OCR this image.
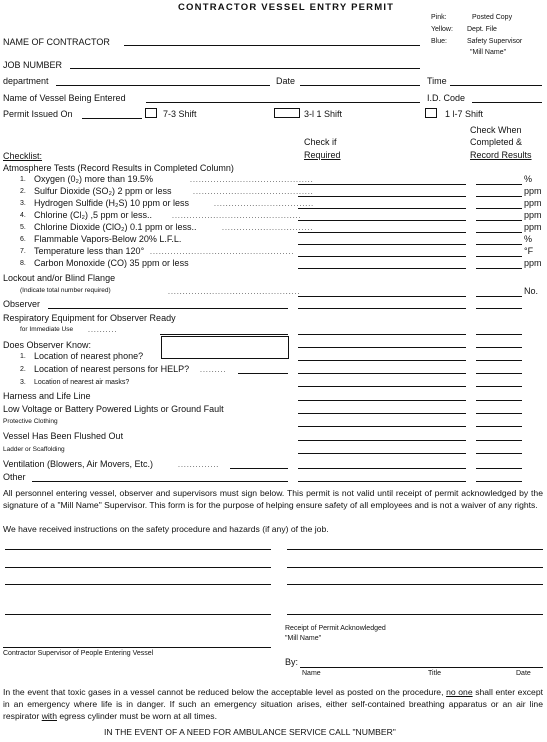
CONTRACTOR VESSEL ENTRY PERMIT
Pink:	Posted Copy
Yellow: Dept. File
Blue:	Safety Supervisor
"Mill Name"
NAME OF CONTRACTOR
JOB NUMBER
department	Date	Time
Name of Vessel Being Entered	I.D. Code
Permit Issued On	7-3 Shift	3-l 1 Shift	1 l-7 Shift
Check if
Required
Check When
Completed &
Record Results
Checklist:
Atmosphere Tests (Record Results in Completed Column)
1. Oxygen (0₂) more than 19.5%	..........................................	%
2. Sulfur Dioxide (SO₂) 2 ppm or less	.........................................	ppm
3. Hydrogen Sulfide (H₂S) 10 ppm or less	..................................	ppm
4. Chlorine (Cl₂) ,5 ppm or less..	............................................	ppm
5. Chlorine Dioxide (ClO₂) 0.1 ppm or less..	...............................	ppm
6. Flammable Vapors-Below 20% L.F.L.	%
7. Temperature less than 120° .................................................	°F
8. Carbon Monoxide (CO) 35 ppm or less	ppm
Lockout and/or Blind Flange
(Indicate total number required)	.............................................	No.
Observer
Respiratory Equipment for Observer Ready
for Immediate Use ..........
Does Observer Know:
1. Location of nearest phone?
2. Location of nearest persons for HELP? .........
3. Location of nearest air masks?
Harness and Life Line
Low Voltage or Battery Powered Lights or Ground Fault
Protective Clothing
Vessel Has Been Flushed Out
Ladder or Scaffolding
Ventilation (Blowers, Air Movers, Etc.)	..............
Other
All personnel entering vessel, observer and supervisors must sign below. This permit is not valid until receipt of permit acknowledged by the signature of a "Mill Name" Supervisor. This form is for the purpose of helping ensure safety of all employees and is not a waiver of any rights.
We have received instructions on the safety procedure and hazards (if any) of the job.
Receipt of Permit Acknowledged
"Mill Name"
Contractor Supervisor of People Entering Vessel
By:
Name	Title	Date
In the event that toxic gases in a vessel cannot be reduced below the acceptable level as posted on the procedure, no one shall enter except in an emergency where life is in danger. If such an emergency situation arises, either self-contained breathing apparatus or an air line respirator with egress cylinder must be worn at all times.
IN THE EVENT OF A NEED FOR AMBULANCE SERVICE CALL "NUMBER"
